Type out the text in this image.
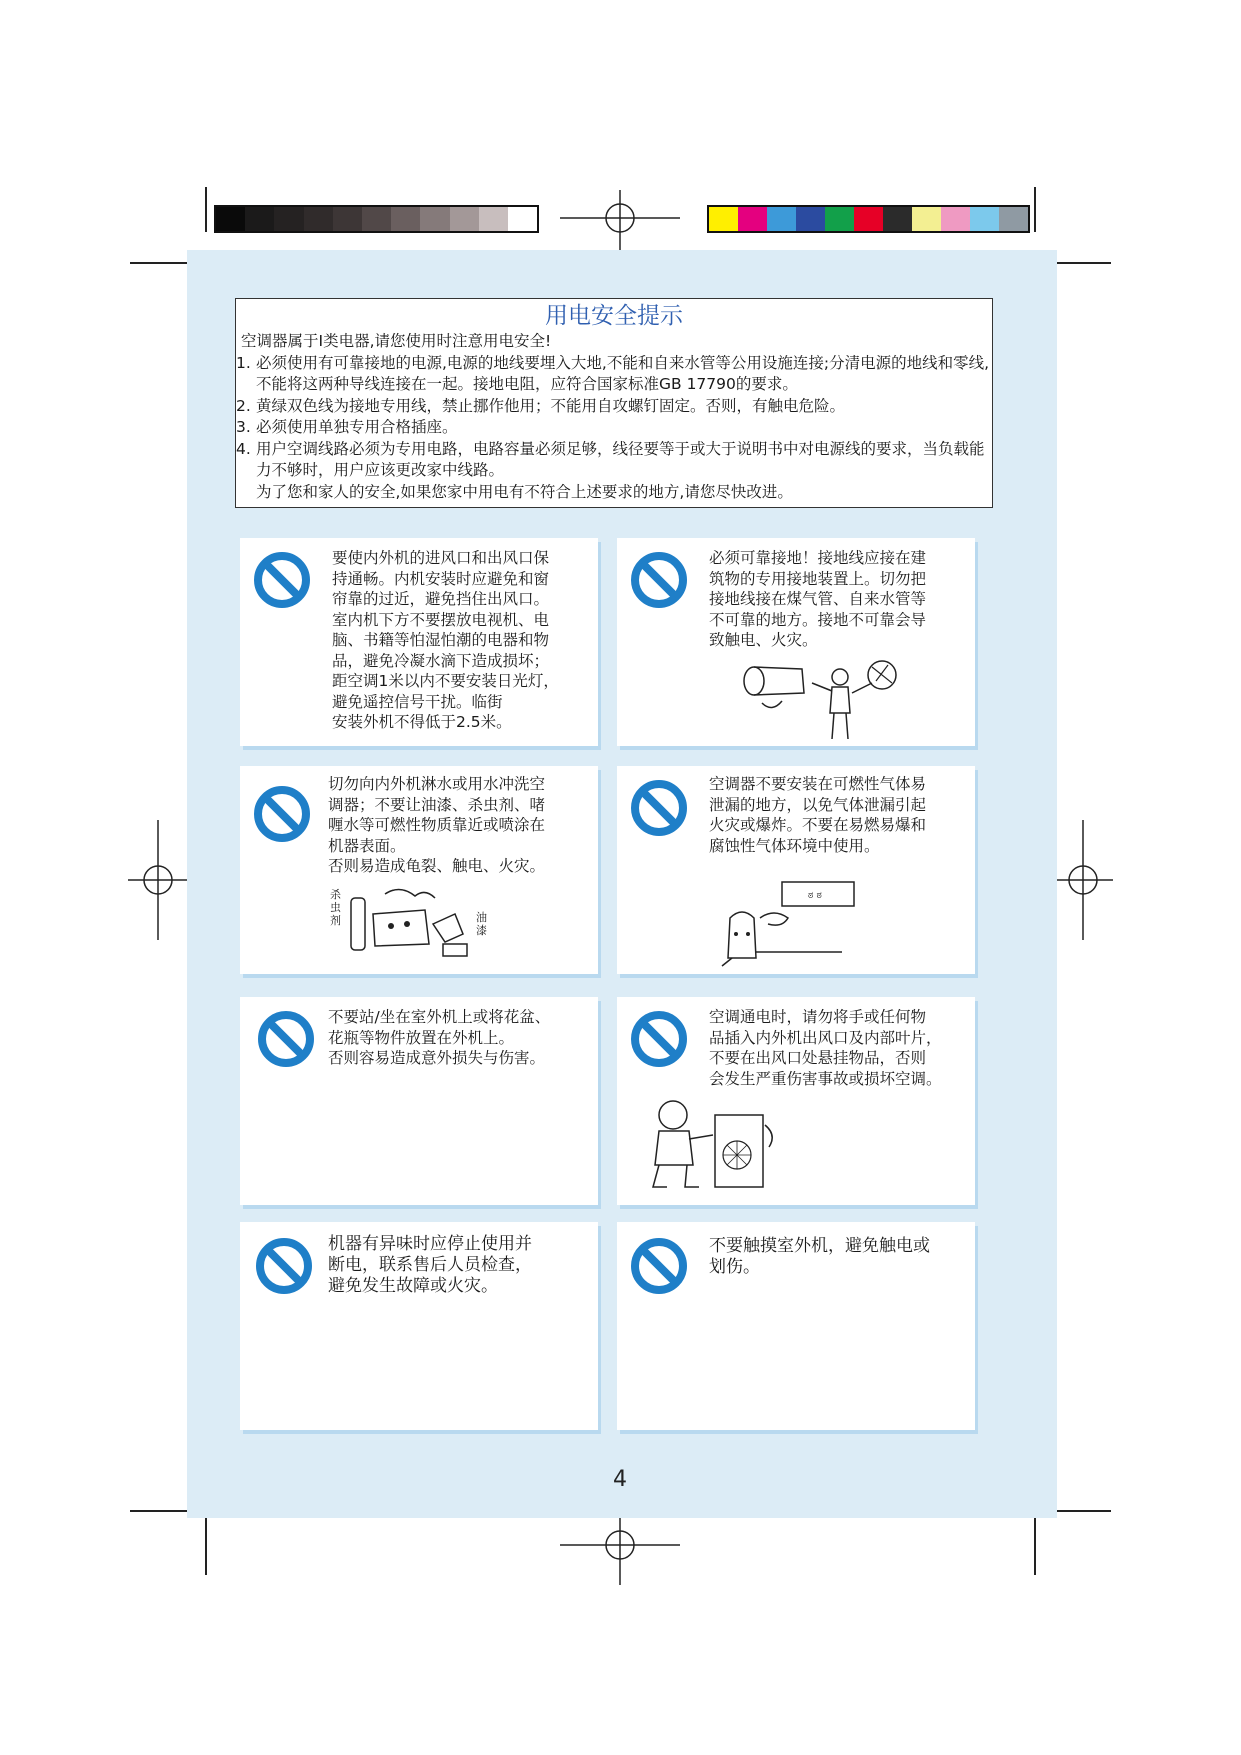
用电安全提示
空调器属于Ⅰ类电器,请您使用时注意用电安全!
1. 必须使用有可靠接地的电源,电源的地线要埋入大地,不能和自来水管等公用设施连接;分清电源的地线和零线,不能将这两种导线连接在一起。接地电阻，应符合国家标准GB 17790的要求。
2. 黄绿双色线为接地专用线，禁止挪作他用；不能用自攻螺钉固定。否则，有触电危险。
3. 必须使用单独专用合格插座。
4. 用户空调线路必须为专用电路，电路容量必须足够，线径要等于或大于说明书中对电源线的要求，当负载能力不够时，用户应该更改家中线路。
为了您和家人的安全,如果您家中用电有不符合上述要求的地方,请您尽快改进。
要使内外机的进风口和出风口保
持通畅。内机安装时应避免和窗
帘靠的过近，避免挡住出风口。
室内机下方不要摆放电视机、电
脑、书籍等怕湿怕潮的电器和物
品，避免冷凝水滴下造成损坏；
距空调1米以内不要安装日光灯，
避免遥控信号干扰。临街
安装外机不得低于2.5米。
必须可靠接地！接地线应接在建
筑物的专用接地装置上。切勿把
接地线接在煤气管、自来水管等
不可靠的地方。接地不可靠会导
致触电、火灾。
切勿向内外机淋水或用水冲洗空
调器；不要让油漆、杀虫剂、啫
喱水等可燃性物质靠近或喷涂在
机器表面。
否则易造成龟裂、触电、火灾。
杀虫剂	油漆
空调器不要安装在可燃性气体易
泄漏的地方，以免气体泄漏引起
火灾或爆炸。不要在易燃易爆和
腐蚀性气体环境中使用。
ಠ ಠ
不要站/坐在室外机上或将花盆、
花瓶等物件放置在外机上。
否则容易造成意外损失与伤害。
空调通电时，请勿将手或任何物
品插入内外机出风口及内部叶片，
不要在出风口处悬挂物品，否则
会发生严重伤害事故或损坏空调。
机器有异味时应停止使用并
断电，联系售后人员检查，
避免发生故障或火灾。
不要触摸室外机，避免触电或
划伤。
4
